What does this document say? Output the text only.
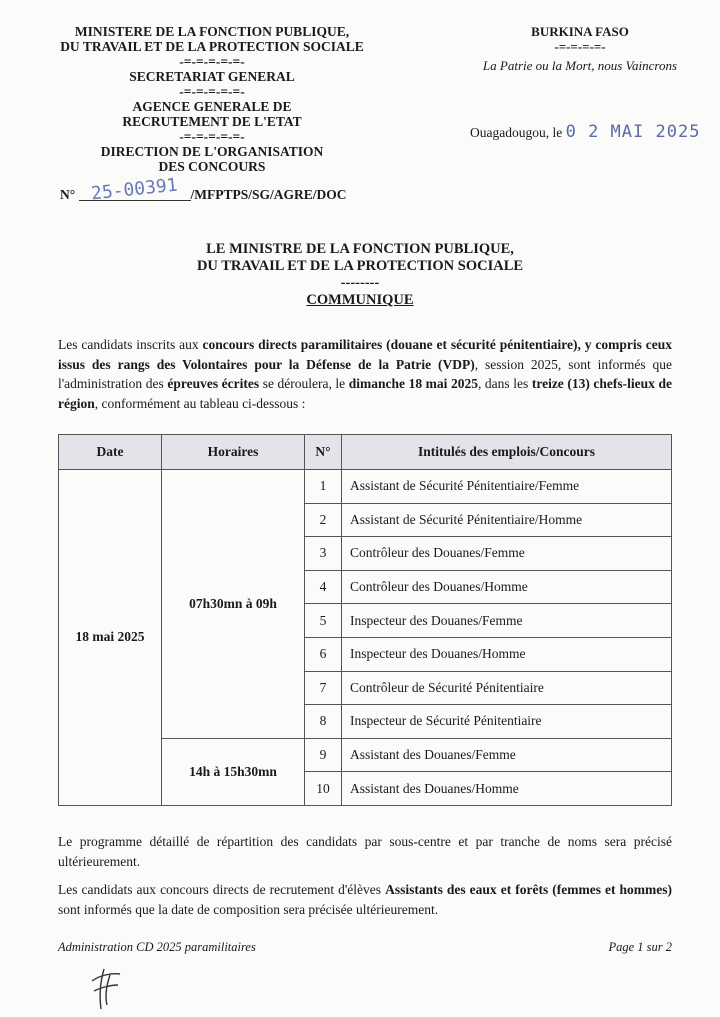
MINISTERE DE LA FONCTION PUBLIQUE,
DU TRAVAIL ET DE LA PROTECTION SOCIALE
-=-=-=-=-=-
SECRETARIAT GENERAL
-=-=-=-=-=-
AGENCE GENERALE DE
RECRUTEMENT DE L'ETAT
-=-=-=-=-=-
DIRECTION DE L'ORGANISATION
DES CONCOURS
BURKINA FASO
-=-=-=-=-
La Patrie ou la Mort, nous Vaincrons
Ouagadougou, le 0 2 MAI 2025
N° 25-00391 /MFPTPS/SG/AGRE/DOC
LE MINISTRE DE LA FONCTION PUBLIQUE,
DU TRAVAIL ET DE LA PROTECTION SOCIALE
--------
COMMUNIQUE
Les candidats inscrits aux concours directs paramilitaires (douane et sécurité pénitentiaire), y compris ceux issus des rangs des Volontaires pour la Défense de la Patrie (VDP), session 2025, sont informés que l'administration des épreuves écrites se déroulera, le dimanche 18 mai 2025, dans les treize (13) chefs-lieux de région, conformément au tableau ci-dessous :
Date	Horaires	N°	Intitulés des emplois/Concours
18 mai 2025	07h30mn à 09h	1	Assistant de Sécurité Pénitentiaire/Femme
		2	Assistant de Sécurité Pénitentiaire/Homme
		3	Contrôleur des Douanes/Femme
		4	Contrôleur des Douanes/Homme
		5	Inspecteur des Douanes/Femme
		6	Inspecteur des Douanes/Homme
		7	Contrôleur de Sécurité Pénitentiaire
		8	Inspecteur de Sécurité Pénitentiaire
	14h à 15h30mn	9	Assistant des Douanes/Femme
		10	Assistant des Douanes/Homme
Le programme détaillé de répartition des candidats par sous-centre et par tranche de noms sera précisé ultérieurement.
Les candidats aux concours directs de recrutement d'élèves Assistants des eaux et forêts (femmes et hommes) sont informés que la date de composition sera précisée ultérieurement.
Administration CD 2025 paramilitaires	Page 1 sur 2
